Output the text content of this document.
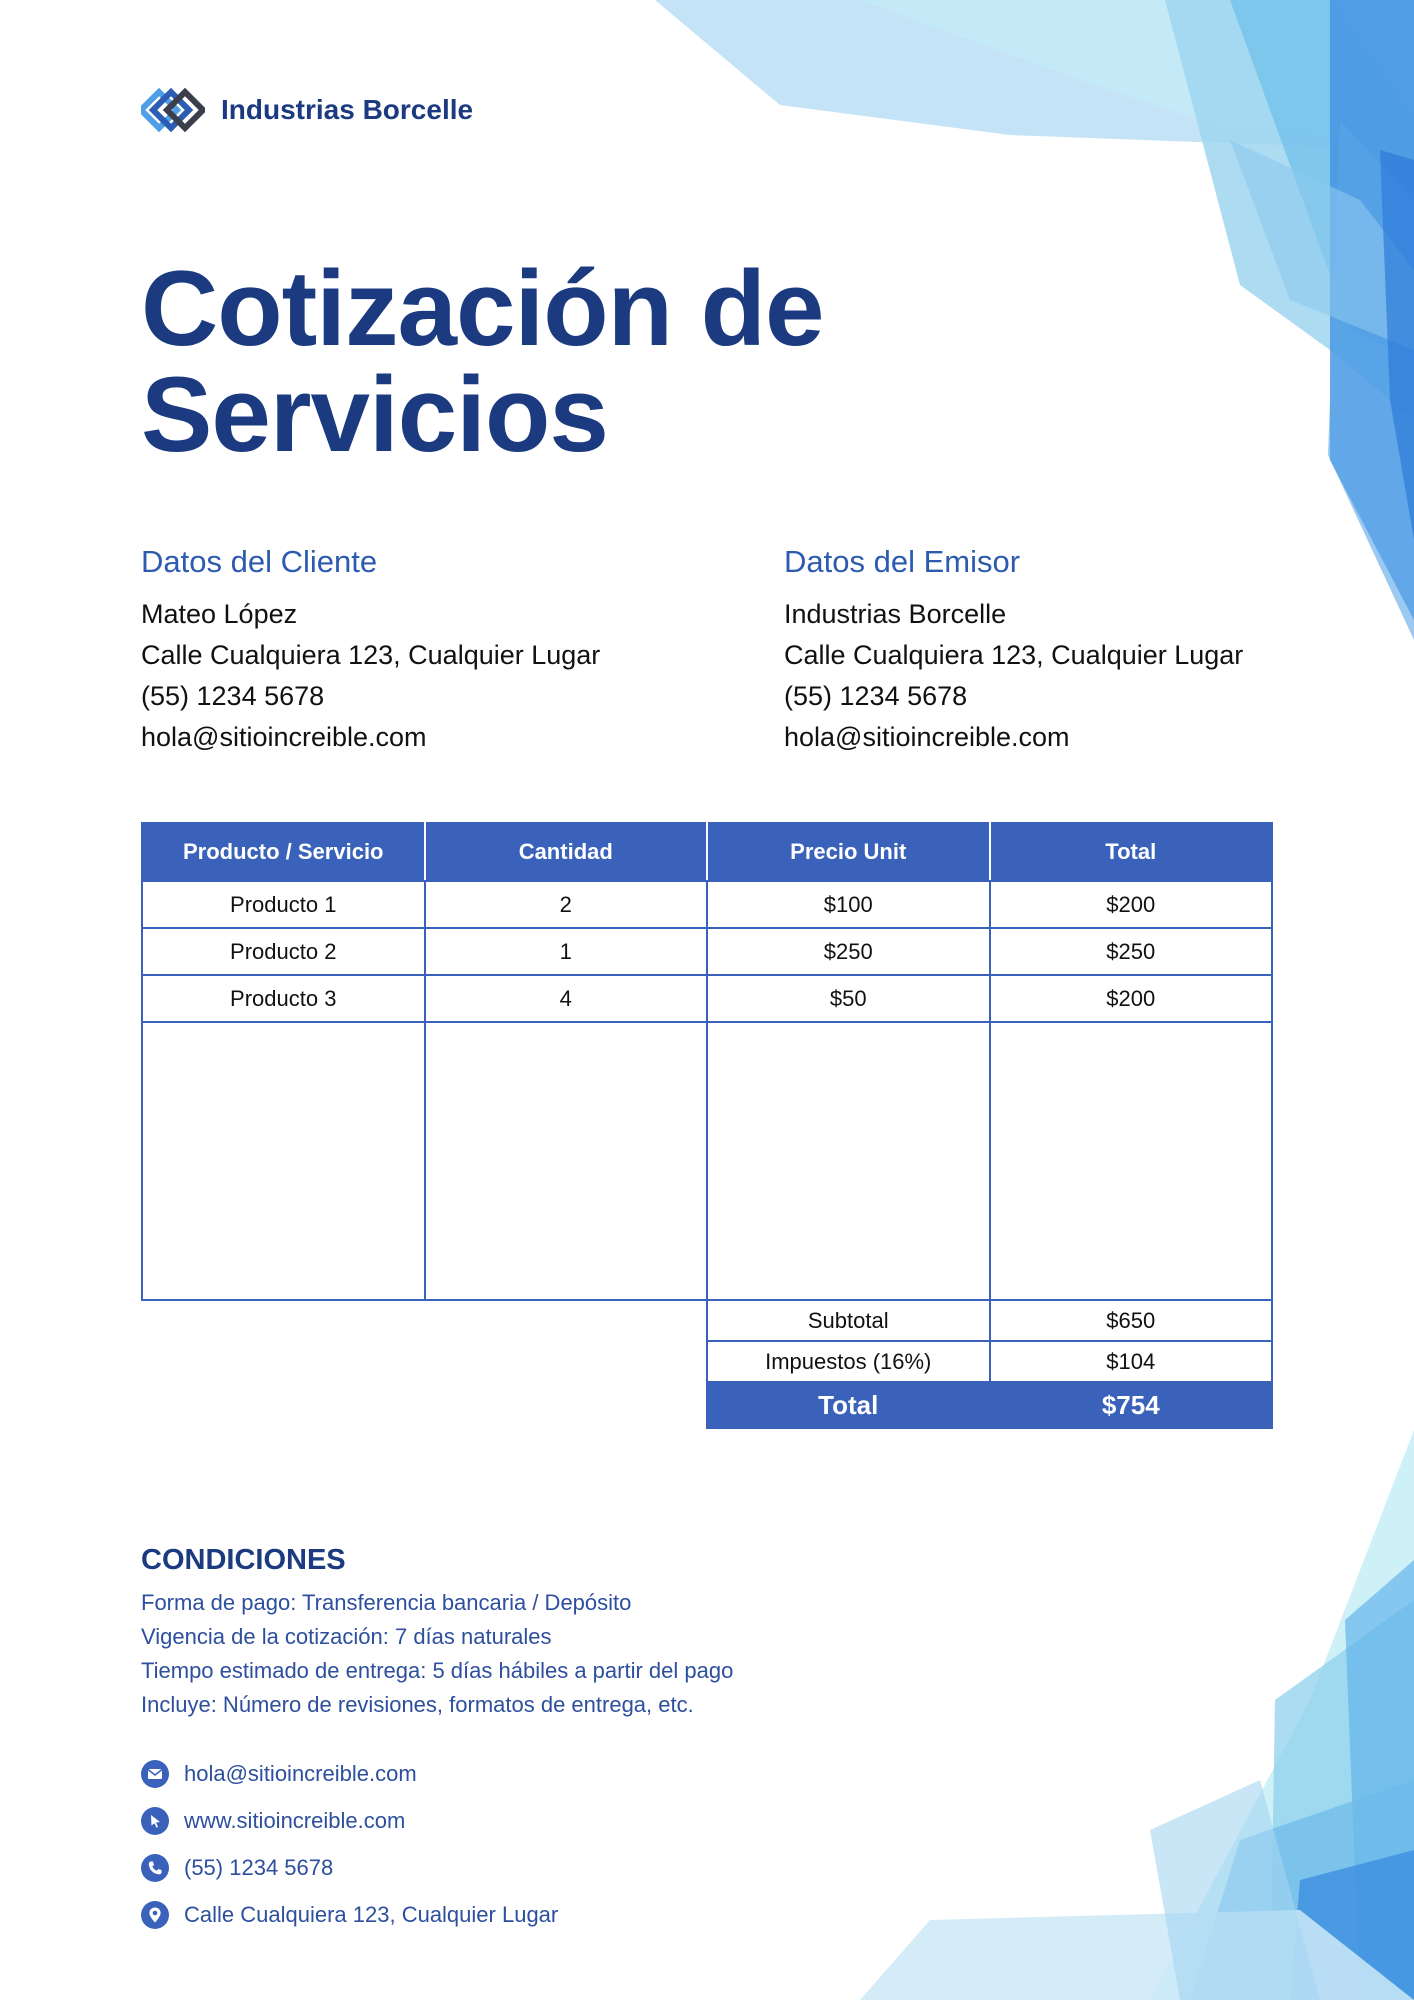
Industrias Borcelle
Cotización de
Servicios
Datos del Cliente
Mateo López
Calle Cualquiera 123, Cualquier Lugar
(55) 1234 5678
hola@sitioincreible.com
Datos del Emisor
Industrias Borcelle
Calle Cualquiera 123, Cualquier Lugar
(55) 1234 5678
hola@sitioincreible.com
Producto / Servicio	Cantidad	Precio Unit	Total
Producto 1	2	$100	$200
Producto 2	1	$250	$250
Producto 3	4	$50	$200

		Subtotal	$650
		Impuestos (16%)	$104
		Total	$754
CONDICIONES
Forma de pago: Transferencia bancaria / Depósito
Vigencia de la cotización: 7 días naturales
Tiempo estimado de entrega: 5 días hábiles a partir del pago
Incluye: Número de revisiones, formatos de entrega, etc.
hola@sitioincreible.com
www.sitioincreible.com
(55) 1234 5678
Calle Cualquiera 123, Cualquier Lugar
